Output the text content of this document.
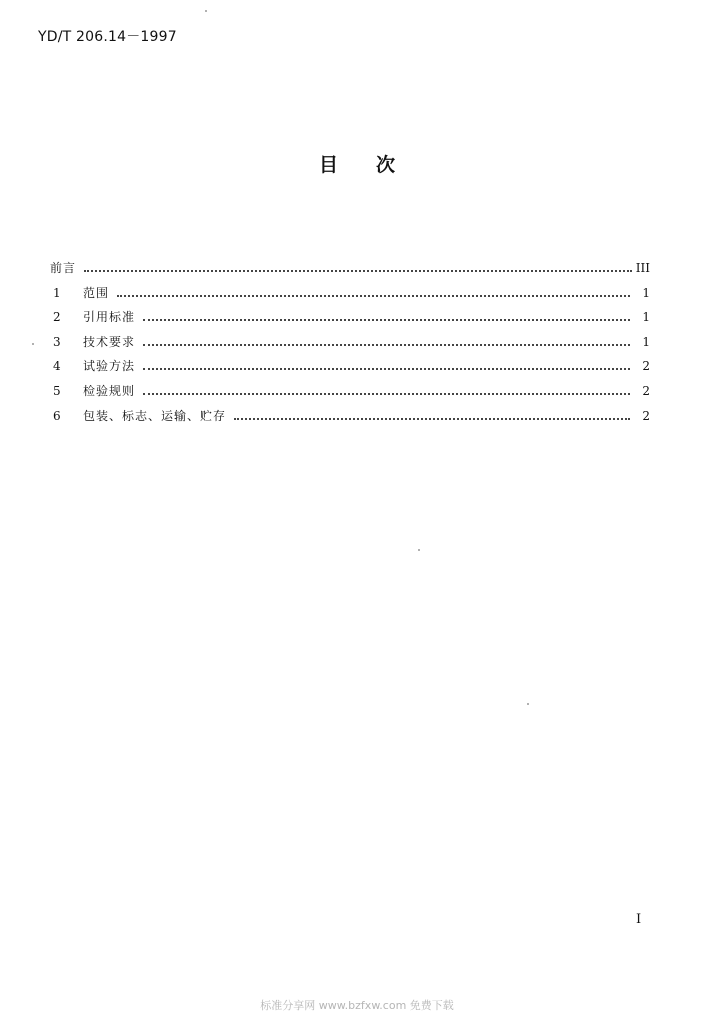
YD/T 206.14－1997
目　　次
前言	III
1	范围	1
2	引用标准	1
3	技术要求	1
4	试验方法	2
5	检验规则	2
6	包装、标志、运输、贮存	2
I
标准分享网 www.bzfxw.com 免费下载
